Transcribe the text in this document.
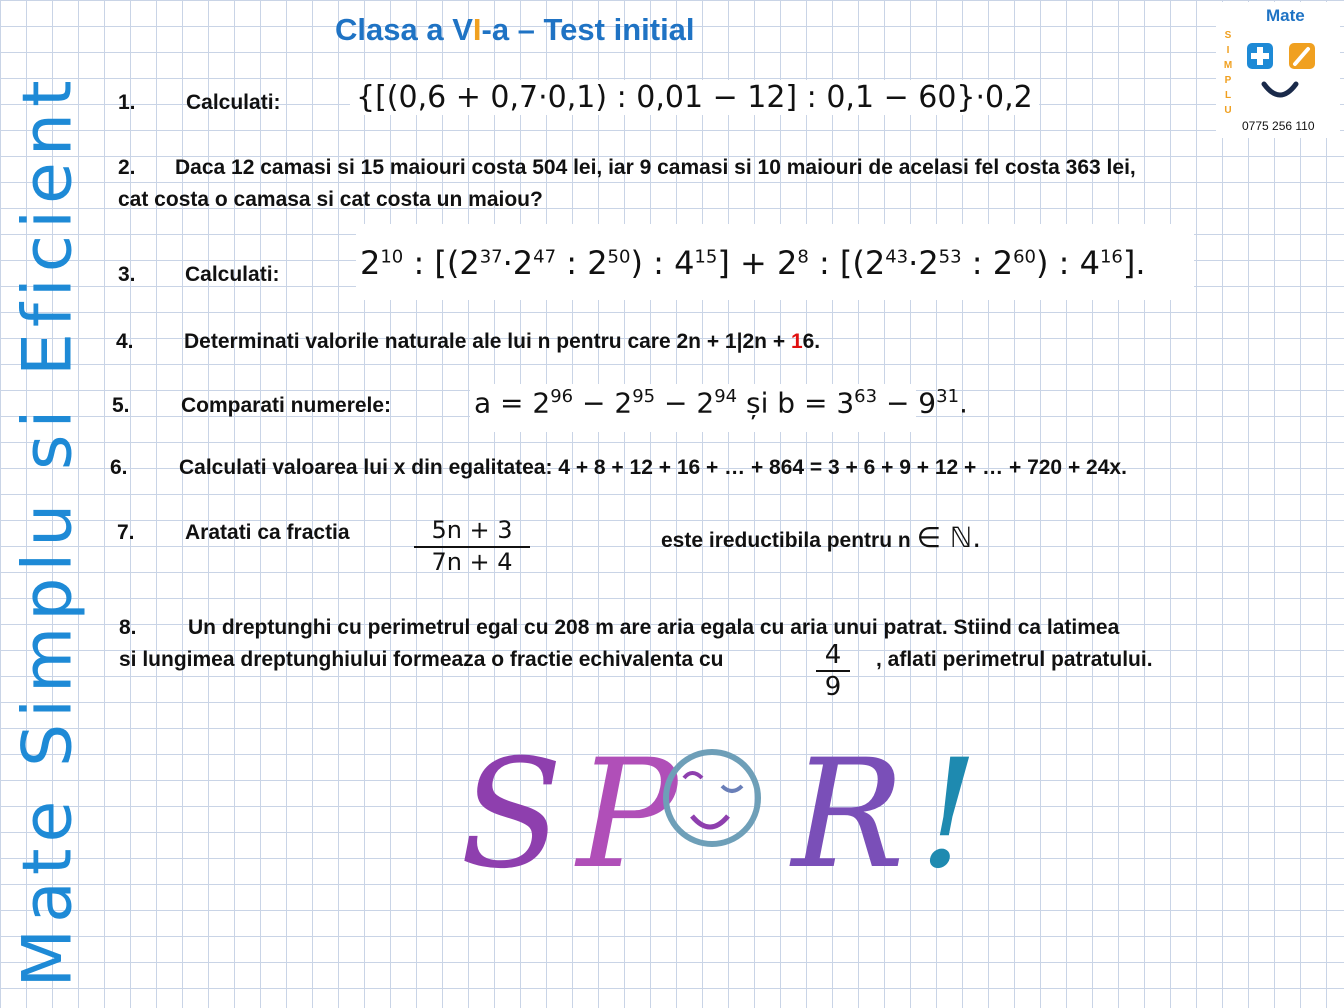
Mate Simplu si Eficient
Clasa a VI-a – Test initial	Mate
S
I
M
P
L
U
0775 256 110
1. Calculati:	{[(0,6 + 0,7·0,1) : 0,01 − 12] : 0,1 − 60}·0,2
2. Daca 12 camasi si 15 maiouri costa 504 lei, iar 9 camasi si 10 maiouri de acelasi fel costa 363 lei,
cat costa o camasa si cat costa un maiou?
3. Calculati:	$2^{10}$ : [($2^{37}\cdot 2^{47}$ : $2^{50}$) : $4^{15}] + 2^8$ : [($2^{43}\cdot 2^{53}$ : $2^{60}$) : $4^{16}$].
4. Determinati valorile naturale ale lui n pentru care 2n + 1|2n + 16.
5. Comparati numerele:	$a = 2^{96} - 2^{95} - 2^{94}$ și $b = 3^{63} - 9^{31}$.
6. Calculati valoarea lui x din egalitatea: 4 + 8 + 12 + 16 + … + 864 = 3 + 6 + 9 + 12 + … + 720 + 24x.
7. Aratati ca fractia	5n + 3
7n + 4
este ireductibila pentru n ∈ ℕ.
8. Un dreptunghi cu perimetrul egal cu 208 m are aria egala cu aria unui patrat. Stiind ca latimea
si lungimea dreptunghiului formeaza o fractie echivalenta cu	4
9
, aflati perimetrul patratului.
SP R!
